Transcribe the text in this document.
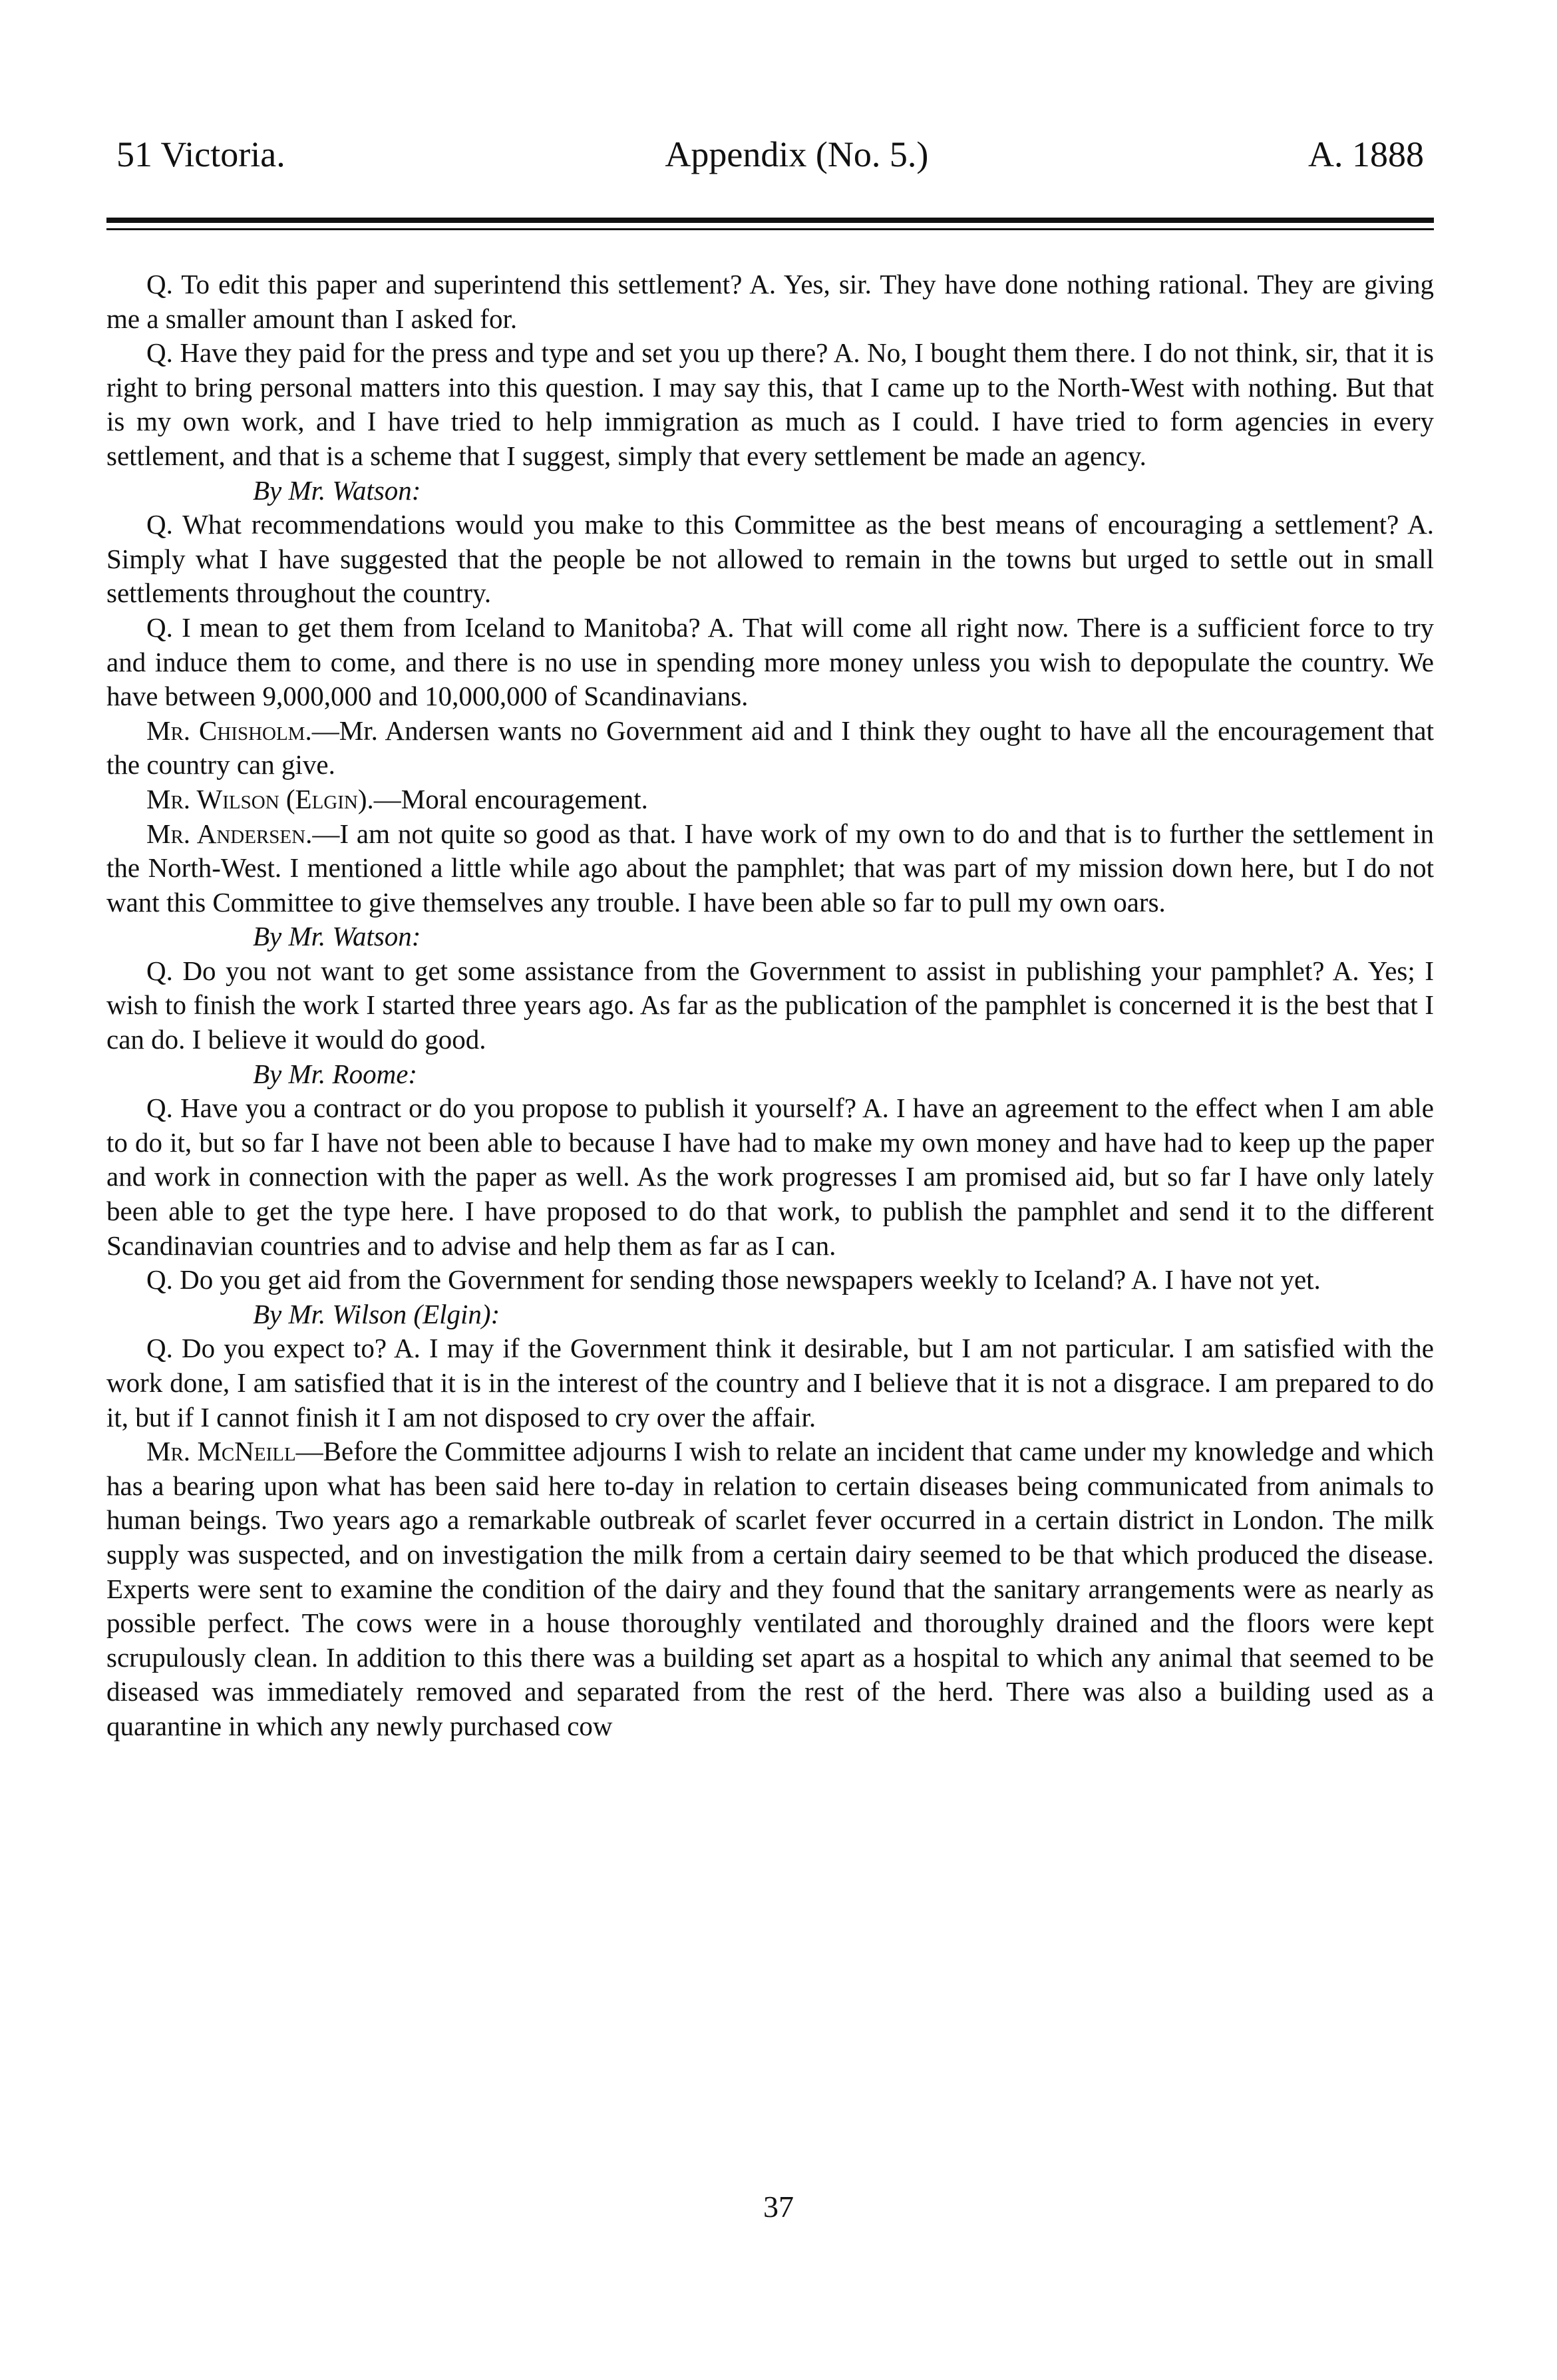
51 Victoria.	Appendix (No. 5.)	A. 1888

Q. To edit this paper and superintend this settlement? A. Yes, sir. They have done nothing rational. They are giving me a smaller amount than I asked for.

Q. Have they paid for the press and type and set you up there? A. No, I bought them there. I do not think, sir, that it is right to bring personal matters into this question. I may say this, that I came up to the North-West with nothing. But that is my own work, and I have tried to help immigration as much as I could. I have tried to form agencies in every settlement, and that is a scheme that I suggest, simply that every settlement be made an agency.

By Mr. Watson:

Q. What recommendations would you make to this Committee as the best means of encouraging a settlement? A. Simply what I have suggested that the people be not allowed to remain in the towns but urged to settle out in small settlements throughout the country.

Q. I mean to get them from Iceland to Manitoba? A. That will come all right now. There is a sufficient force to try and induce them to come, and there is no use in spending more money unless you wish to depopulate the country. We have between 9,000,000 and 10,000,000 of Scandinavians.

Mr. Chisholm.—Mr. Andersen wants no Government aid and I think they ought to have all the encouragement that the country can give.

Mr. Wilson (Elgin).—Moral encouragement.

Mr. Andersen.—I am not quite so good as that. I have work of my own to do and that is to further the settlement in the North-West. I mentioned a little while ago about the pamphlet; that was part of my mission down here, but I do not want this Committee to give themselves any trouble. I have been able so far to pull my own oars.

By Mr. Watson:

Q. Do you not want to get some assistance from the Government to assist in publishing your pamphlet? A. Yes; I wish to finish the work I started three years ago. As far as the publication of the pamphlet is concerned it is the best that I can do. I believe it would do good.

By Mr. Roome:

Q. Have you a contract or do you propose to publish it yourself? A. I have an agreement to the effect when I am able to do it, but so far I have not been able to because I have had to make my own money and have had to keep up the paper and work in connection with the paper as well. As the work progresses I am promised aid, but so far I have only lately been able to get the type here. I have proposed to do that work, to publish the pamphlet and send it to the different Scandinavian countries and to advise and help them as far as I can.

Q. Do you get aid from the Government for sending those newspapers weekly to Iceland? A. I have not yet.

By Mr. Wilson (Elgin):

Q. Do you expect to? A. I may if the Government think it desirable, but I am not particular. I am satisfied with the work done, I am satisfied that it is in the interest of the country and I believe that it is not a disgrace. I am prepared to do it, but if I cannot finish it I am not disposed to cry over the affair.

Mr. McNeill—Before the Committee adjourns I wish to relate an incident that came under my knowledge and which has a bearing upon what has been said here to-day in relation to certain diseases being communicated from animals to human beings. Two years ago a remarkable outbreak of scarlet fever occurred in a certain district in London. The milk supply was suspected, and on investigation the milk from a certain dairy seemed to be that which produced the disease. Experts were sent to examine the condition of the dairy and they found that the sanitary arrangements were as nearly as possible perfect. The cows were in a house thoroughly ventilated and thoroughly drained and the floors were kept scrupulously clean. In addition to this there was a building set apart as a hospital to which any animal that seemed to be diseased was immediately removed and separated from the rest of the herd. There was also a building used as a quarantine in which any newly purchased cow

37
